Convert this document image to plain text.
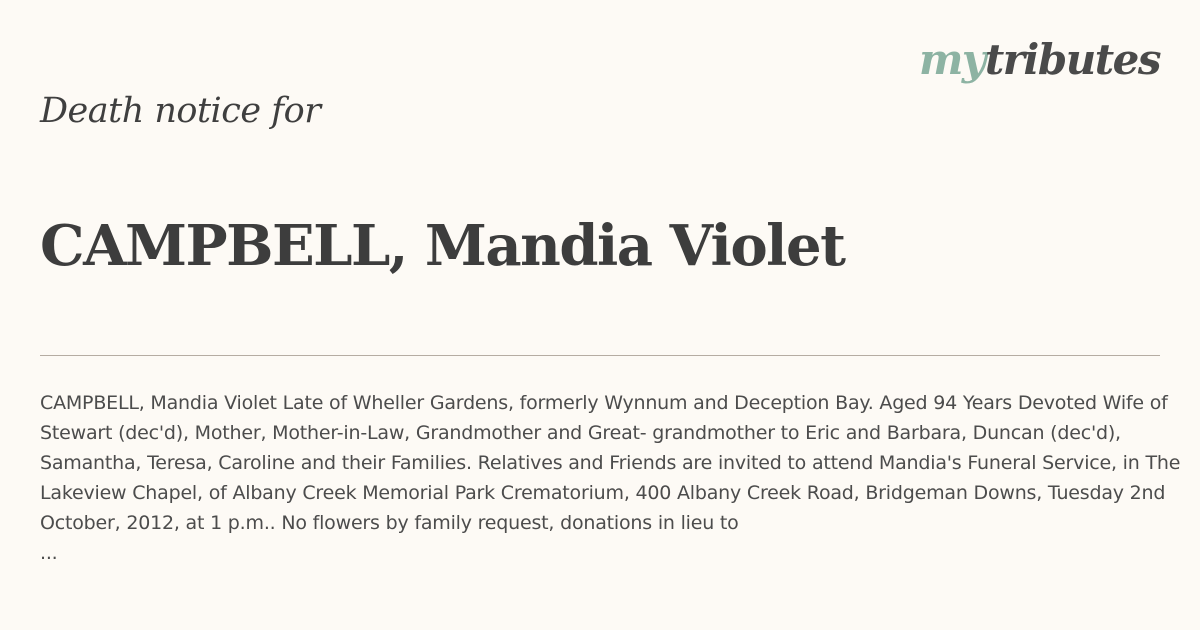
mytributes
Death notice for
CAMPBELL, Mandia Violet

CAMPBELL, Mandia Violet Late of Wheller Gardens, formerly Wynnum and Deception Bay. Aged 94 Years Devoted Wife of Stewart (dec'd), Mother, Mother-in-Law, Grandmother and Great- grandmother to Eric and Barbara, Duncan (dec'd), Samantha, Teresa, Caroline and their Families. Relatives and Friends are invited to attend Mandia's Funeral Service, in The Lakeview Chapel, of Albany Creek Memorial Park Crematorium, 400 Albany Creek Road, Bridgeman Downs, Tuesday 2nd October, 2012, at 1 p.m.. No flowers by family request, donations in lieu to

...
